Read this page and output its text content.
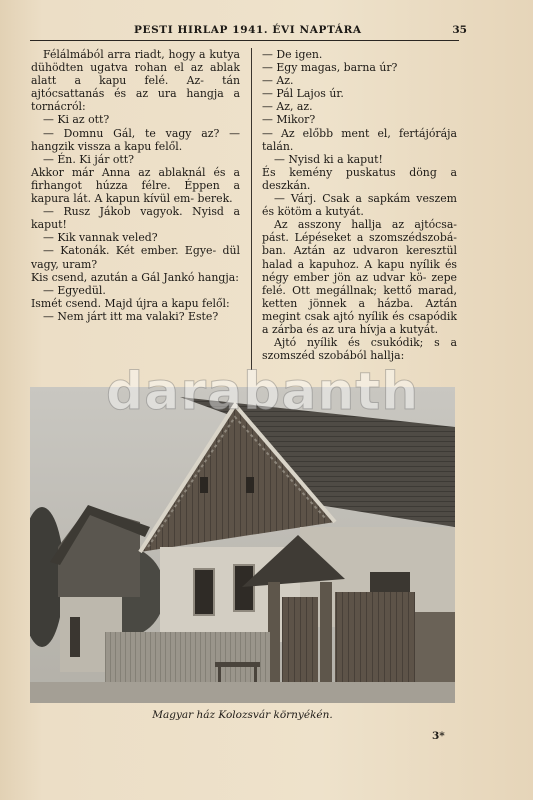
PESTI HIRLAP 1941. ÉVI NAPTÁRA	35

Félálmából arra riadt, hogy a kutya dühödten ugatva rohan el az ablak alatt a kapu felé. Az- tán ajtócsattanás és az ura hangja a tornácról:

— Ki az ott?

— Domnu Gál, te vagy az? — hangzik vissza a kapu felől.

— Én. Ki jár ott?

Akkor már Anna az ablaknál és a firhangot húzza félre. Éppen a kapura lát. A kapun kívül em- berek.

— Rusz Jákob vagyok. Nyisd a kaput!

— Kik vannak veled?

— Katonák. Két ember. Egye- dül vagy, uram?

Kis csend, azután a Gál Jankó hangja:

— Egyedül.

Ismét csend. Majd újra a kapu felől:

— Nem járt itt ma valaki? Este?

— De igen.

— Egy magas, barna úr?

— Az.

— Pál Lajos úr.

— Az, az.

— Mikor?

— Az előbb ment el, fertájórája talán.

— Nyisd ki a kaput!

És kemény puskatus döng a deszkán.

— Várj. Csak a sapkám veszem és kötöm a kutyát.

Az asszony hallja az ajtócsa- pást. Lépéseket a szomszédszobá- ban. Aztán az udvaron keresztül halad a kapuhoz. A kapu nyílik és négy ember jön az udvar kö- zepe felé. Ott megállnak; kettő marad, ketten jönnek a házba. Aztán megint csak ajtó nyílik és csapódik a zárba és az ura hívja a kutyát.

Ajtó nyílik és csukódik; s a szomszéd szobából hallja:

darabanth
Magyar ház Kolozsvár környékén.
3*
